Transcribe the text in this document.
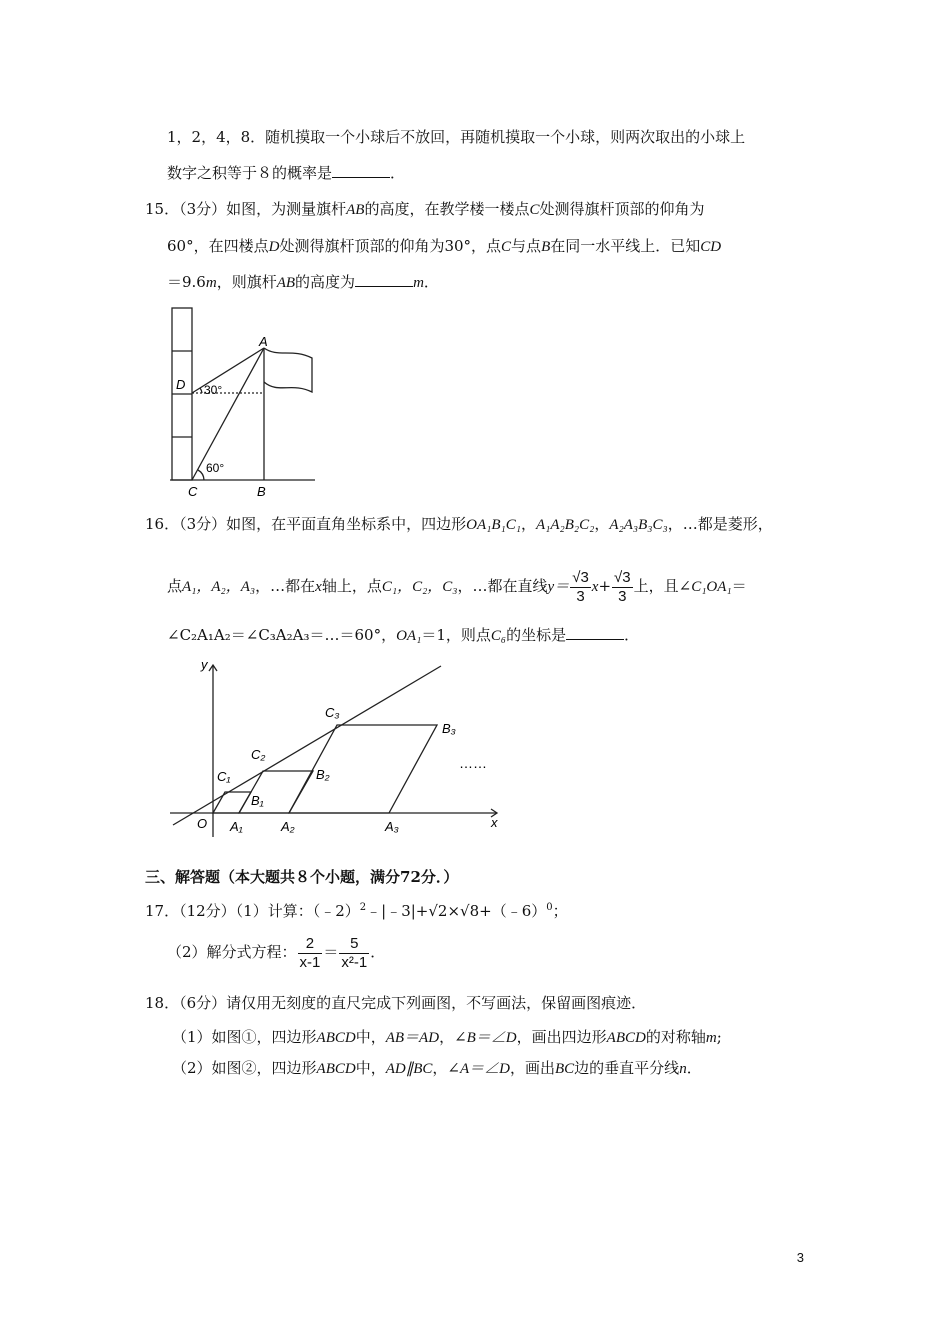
1，2，4，8．随机摸取一个小球后不放回，再随机摸取一个小球，则两次取出的小球上
数字之积等于８的概率是	．
15．（3分）如图，为测量旗杆AB的高度，在教学楼一楼点C处测得旗杆顶部的仰角为
60°，在四楼点D处测得旗杆顶部的仰角为30°，点C与点B在同一水平线上．已知CD
＝9.6m，则旗杆AB的高度为	m．
A
D
C	B
30°
60°
16．（3分）如图，在平面直角坐标系中，四边形OA₁B₁C₁，A₁A₂B₂C₂，A₂A₃B₃C₃，…都是菱形，
点A₁，A₂，A₃，…都在x轴上，点C₁，C₂，C₃，…都在直线$y= \frac{√3}{3} x+ \frac{√3}{3}$ 上，且∠C₁OA₁＝
∠C₂A₁A₂＝∠C₃A₂A₃＝…＝60°，OA₁＝1，则点C₆的坐标是	．
y
x
O
C₁
C₂
C₃
B₁
B₂
B₃
A₁	A₂	A₃
……
三、解答题（本大题共８个小题，满分72分．）
17．（12分）（1）计算：（﹣2）$^2$﹣|﹣3|+√2×√8+（﹣6）$^0$；
（2）解分式方程： $\frac{2}{x-1} = \frac{5}{\text{x²-1}}$ ．
18．（6分）请仅用无刻度的直尺完成下列画图，不写画法，保留画图痕迹．
（1）如图①，四边形ABCD中，AB＝AD，∠B＝∠D，画出四边形ABCD的对称轴m;
（2）如图②，四边形ABCD中，AD∥BC，∠A＝∠D，画出BC边的垂直平分线n．
3
